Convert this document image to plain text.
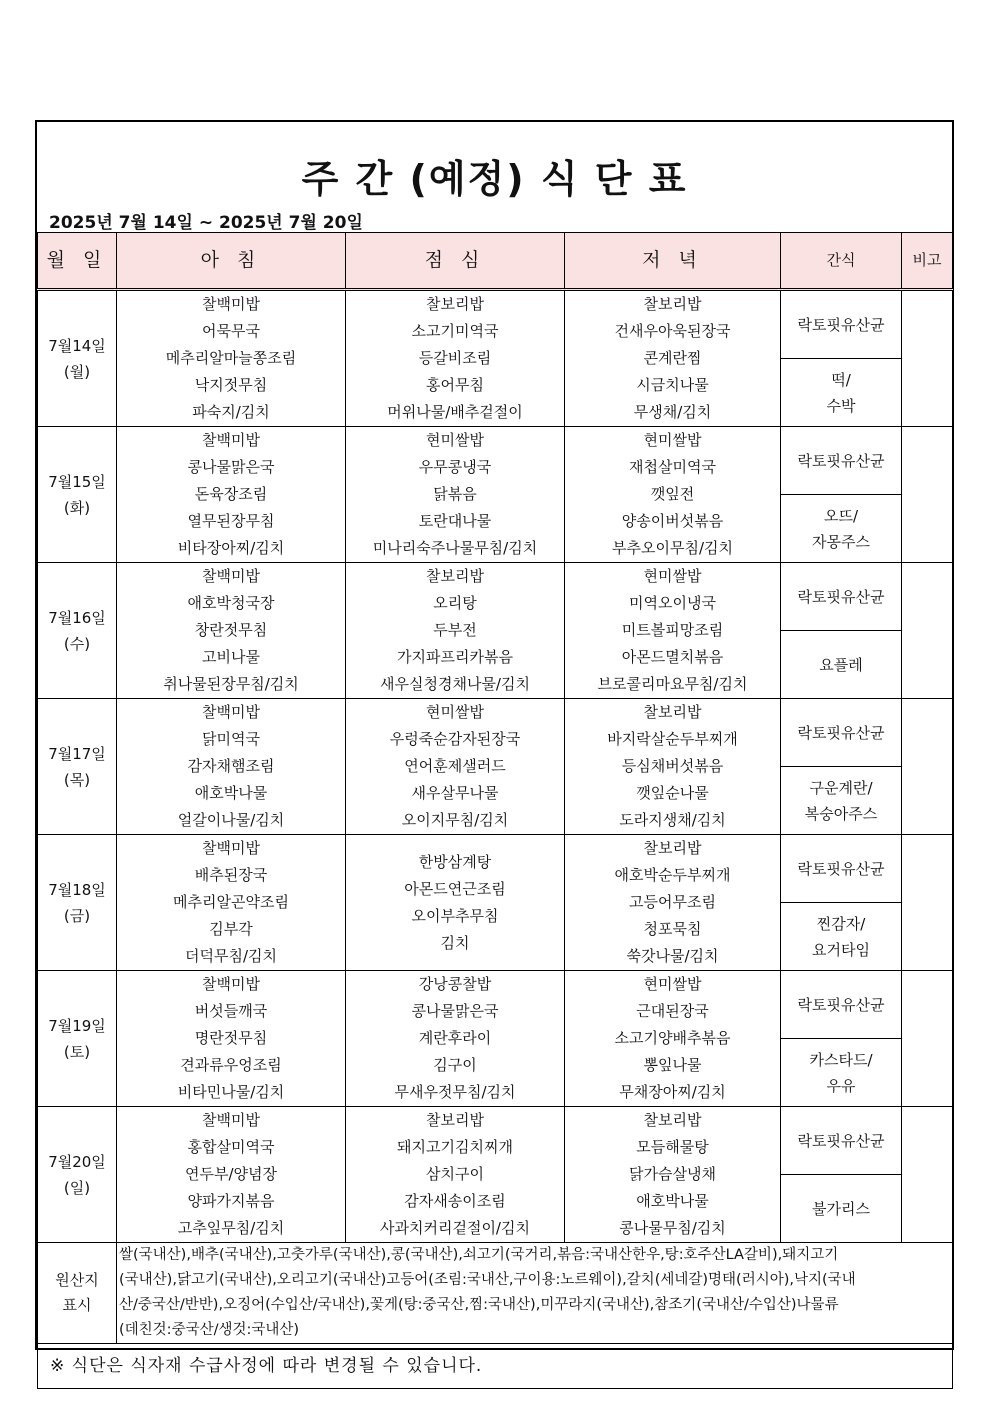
주 간 (예정) 식 단 표
2025년 7월 14일 ~ 2025년 7월 20일
월 일	아 침	점 심	저 녁	간식	비고

7월14일
(월)	찰백미밥
어묵무국
메추리알마늘쫑조림
낙지젓무침
파숙지/김치	찰보리밥
소고기미역국
등갈비조림
홍어무침
머위나물/배추겉절이	찰보리밥
건새우아욱된장국
콘계란찜
시금치나물
무생채/김치	락토핏유산균	

				떡/
수박	

7월15일
(화)	찰백미밥
콩나물맑은국
돈육장조림
열무된장무침
비타장아찌/김치	현미쌀밥
우무콩냉국
닭볶음
토란대나물
미나리숙주나물무침/김치	현미쌀밥
재첩살미역국
깻잎전
양송이버섯볶음
부추오이무침/김치	락토핏유산균	

				오뜨/
자몽주스	

7월16일
(수)	찰백미밥
애호박청국장
창란젓무침
고비나물
취나물된장무침/김치	찰보리밥
오리탕
두부전
가지파프리카볶음
새우실청경채나물/김치	현미쌀밥
미역오이냉국
미트볼피망조림
아몬드멸치볶음
브로콜리마요무침/김치	락토핏유산균	

				요플레	

7월17일
(목)	찰백미밥
닭미역국
감자채햄조림
애호박나물
얼갈이나물/김치	현미쌀밥
우렁죽순감자된장국
연어훈제샐러드
새우살무나물
오이지무침/김치	찰보리밥
바지락살순두부찌개
등심채버섯볶음
깻잎순나물
도라지생채/김치	락토핏유산균	

				구운계란/
복숭아주스	

7월18일
(금)	찰백미밥
배추된장국
메추리알곤약조림
김부각
더덕무침/김치	한방삼계탕
아몬드연근조림
오이부추무침
김치	찰보리밥
애호박순두부찌개
고등어무조림
청포묵침
쑥갓나물/김치	락토핏유산균	

				찐감자/
요거타임	

7월19일
(토)	찰백미밥
버섯들깨국
명란젓무침
견과류우엉조림
비타민나물/김치	강낭콩찰밥
콩나물맑은국
계란후라이
김구이
무새우젓무침/김치	현미쌀밥
근대된장국
소고기양배추볶음
뽕잎나물
무채장아찌/김치	락토핏유산균	

				카스타드/
우유	

7월20일
(일)	찰백미밥
홍합살미역국
연두부/양념장
양파가지볶음
고추잎무침/김치	찰보리밥
돼지고기김치찌개
삼치구이
감자새송이조림
사과치커리겉절이/김치	찰보리밥
모듬해물탕
닭가슴살냉채
애호박나물
콩나물무침/김치	락토핏유산균	

				불가리스	

원산지
표시	쌀(국내산),배추(국내산),고춧가루(국내산),콩(국내산),쇠고기(국거리,볶음:국내산한우,탕:호주산LA갈비),돼지고기
(국내산),닭고기(국내산),오리고기(국내산)고등어(조림:국내산,구이용:노르웨이),갈치(세네갈)명태(러시아),낙지(국내
산/중국산/반반),오징어(수입산/국내산),꽃게(탕:중국산,찜:국내산),미꾸라지(국내산),참조기(국내산/수입산)나물류
(데친것:중국산/생것:국내산)				

※ 식단은 식자재 수급사정에 따라 변경될 수 있습니다.					
